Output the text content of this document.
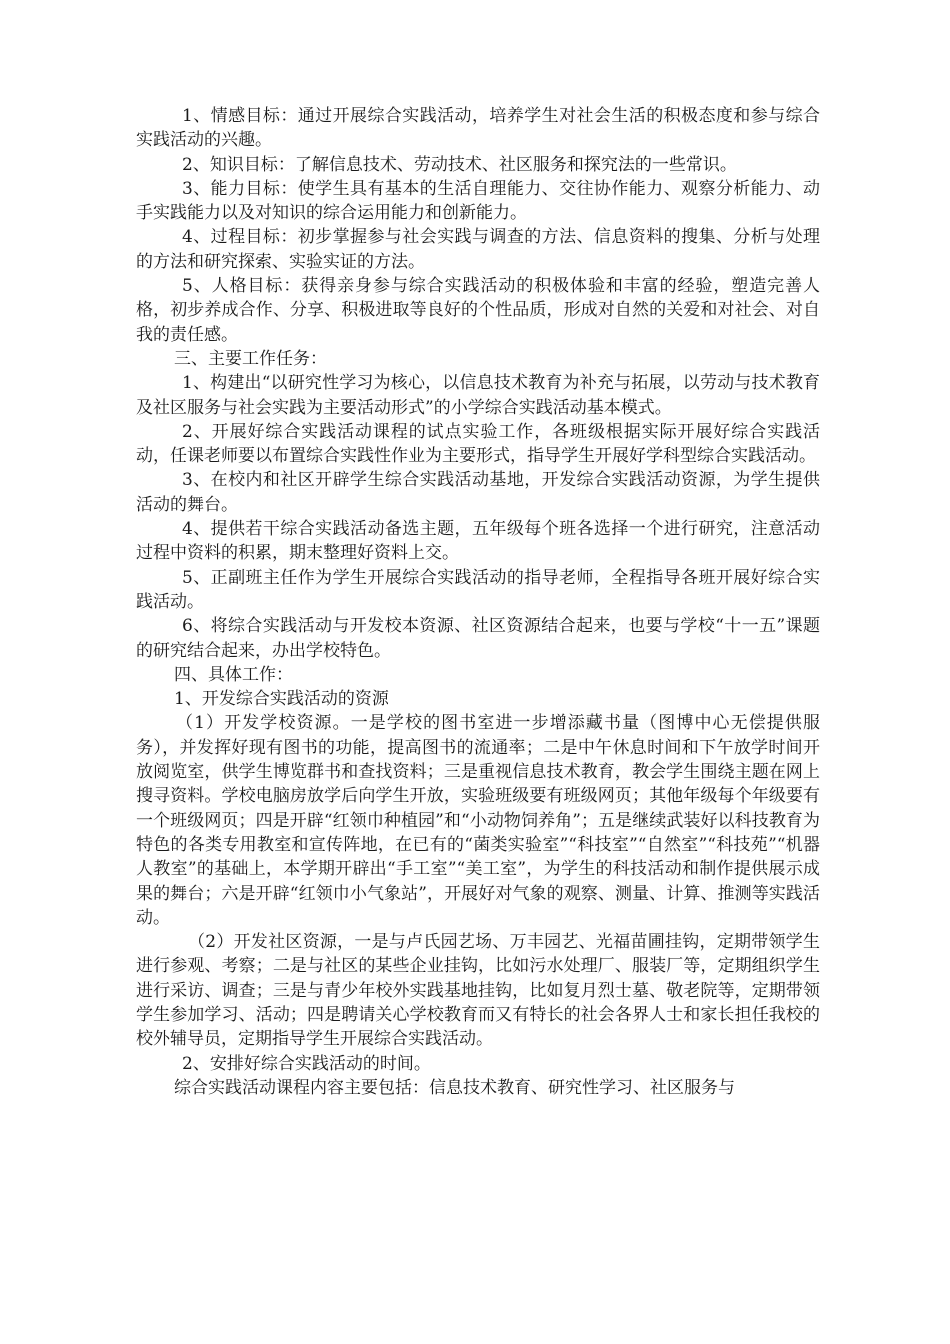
1、情感目标：通过开展综合实践活动，培养学生对社会生活的积极态度和参与综合实践活动的兴趣。

2、知识目标：了解信息技术、劳动技术、社区服务和探究法的一些常识。

3、能力目标：使学生具有基本的生活自理能力、交往协作能力、观察分析能力、动手实践能力以及对知识的综合运用能力和创新能力。

4、过程目标：初步掌握参与社会实践与调查的方法、信息资料的搜集、分析与处理的方法和研究探索、实验实证的方法。

5、人格目标：获得亲身参与综合实践活动的积极体验和丰富的经验，塑造完善人格，初步养成合作、分享、积极进取等良好的个性品质，形成对自然的关爱和对社会、对自我的责任感。

三、主要工作任务：

1、构建出“以研究性学习为核心，以信息技术教育为补充与拓展，以劳动与技术教育及社区服务与社会实践为主要活动形式”的小学综合实践活动基本模式。

2、开展好综合实践活动课程的试点实验工作，各班级根据实际开展好综合实践活动，任课老师要以布置综合实践性作业为主要形式，指导学生开展好学科型综合实践活动。

3、在校内和社区开辟学生综合实践活动基地，开发综合实践活动资源，为学生提供活动的舞台。

4、提供若干综合实践活动备选主题，五年级每个班各选择一个进行研究，注意活动过程中资料的积累，期末整理好资料上交。

5、正副班主任作为学生开展综合实践活动的指导老师，全程指导各班开展好综合实践活动。

6、将综合实践活动与开发校本资源、社区资源结合起来，也要与学校“十一五”课题的研究结合起来，办出学校特色。

四、具体工作：

1、开发综合实践活动的资源

（1）开发学校资源。一是学校的图书室进一步增添藏书量（图博中心无偿提供服务），并发挥好现有图书的功能，提高图书的流通率；二是中午休息时间和下午放学时间开放阅览室，供学生博览群书和查找资料；三是重视信息技术教育，教会学生围绕主题在网上搜寻资料。学校电脑房放学后向学生开放，实验班级要有班级网页；其他年级每个年级要有一个班级网页；四是开辟“红领巾种植园”和“小动物饲养角”；五是继续武装好以科技教育为特色的各类专用教室和宣传阵地，在已有的“菌类实验室”“科技室”“自然室”“科技苑”“机器人教室”的基础上，本学期开辟出“手工室”“美工室”，为学生的科技活动和制作提供展示成果的舞台；六是开辟“红领巾小气象站”，开展好对气象的观察、测量、计算、推测等实践活动。

（2）开发社区资源，一是与卢氏园艺场、万丰园艺、光福苗圃挂钩，定期带领学生进行参观、考察；二是与社区的某些企业挂钩，比如污水处理厂、服装厂等，定期组织学生进行采访、调查；三是与青少年校外实践基地挂钩，比如复月烈士墓、敬老院等，定期带领学生参加学习、活动；四是聘请关心学校教育而又有特长的社会各界人士和家长担任我校的校外辅导员，定期指导学生开展综合实践活动。

2、安排好综合实践活动的时间。

综合实践活动课程内容主要包括：信息技术教育、研究性学习、社区服务与
